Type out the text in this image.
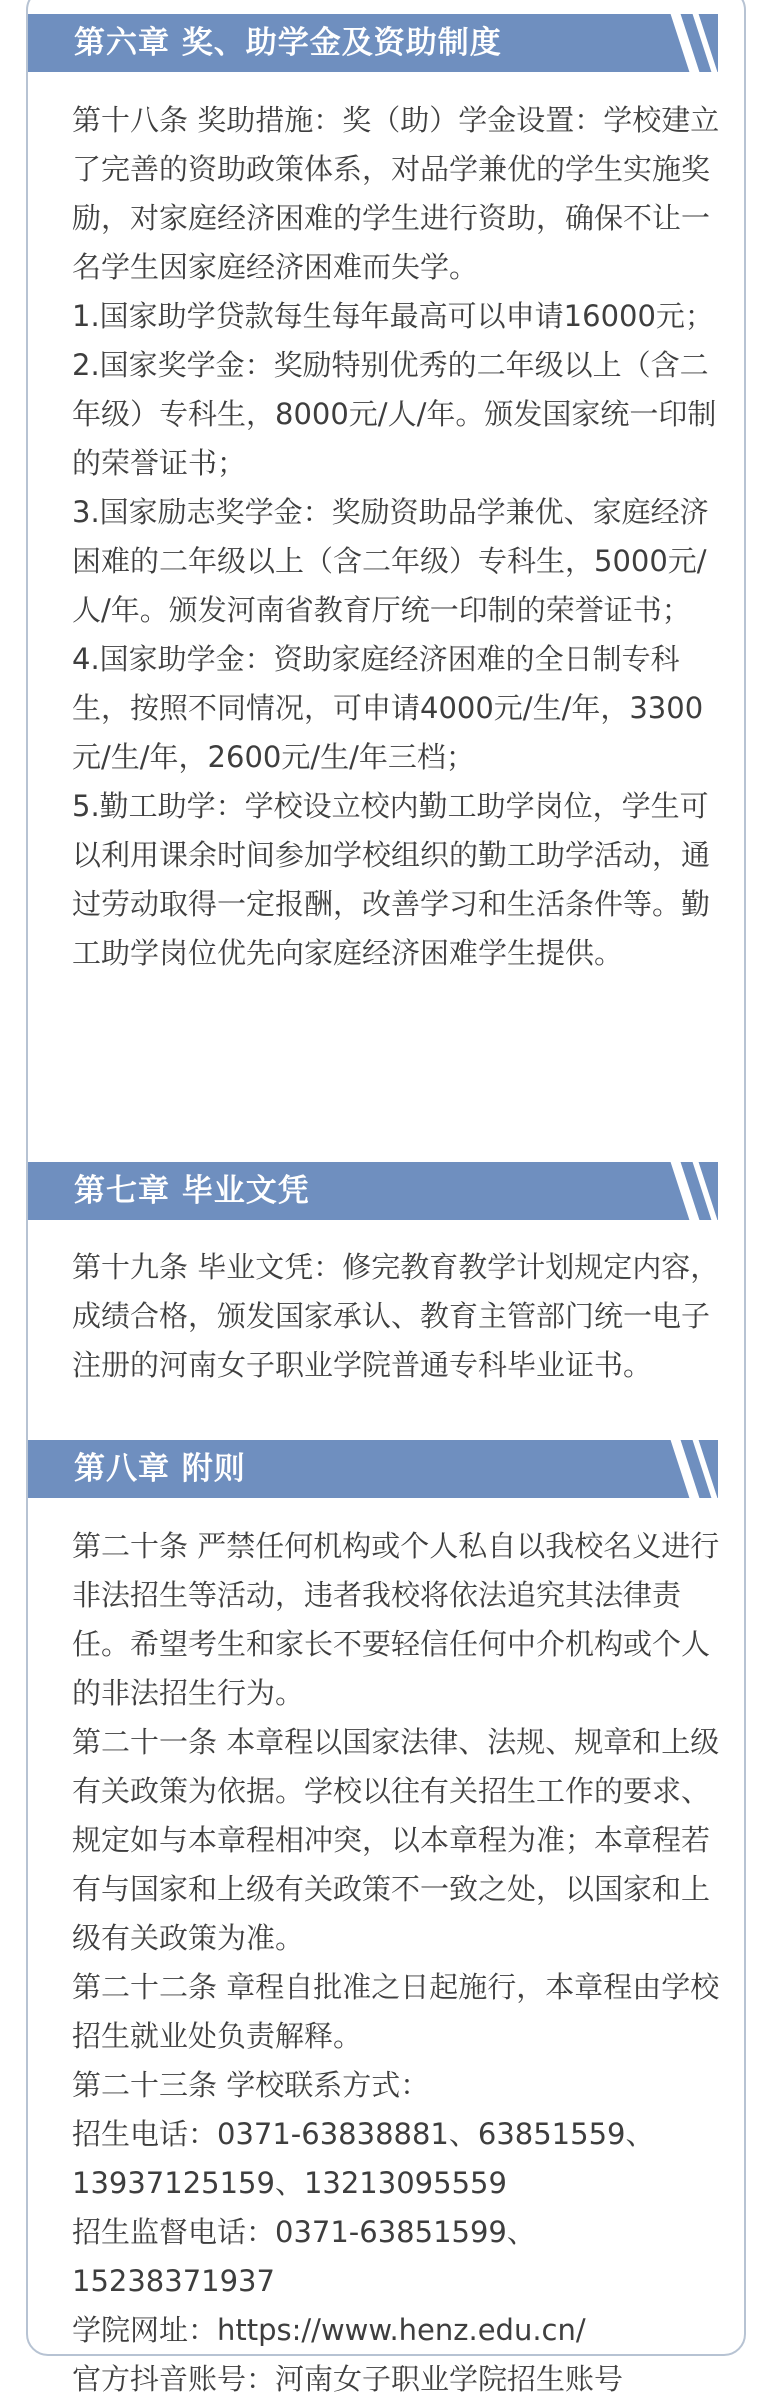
第六章 奖、助学金及资助制度

第十八条 奖助措施：奖（助）学金设置：学校建立了完善的资助政策体系，对品学兼优的学生实施奖励，对家庭经济困难的学生进行资助，确保不让一名学生因家庭经济困难而失学。

1.国家助学贷款每生每年最高可以申请16000元；

2.国家奖学金：奖励特别优秀的二年级以上（含二年级）专科生，8000元/人/年。颁发国家统一印制的荣誉证书；

3.国家励志奖学金：奖励资助品学兼优、家庭经济困难的二年级以上（含二年级）专科生，5000元/人/年。颁发河南省教育厅统一印制的荣誉证书；

4.国家助学金：资助家庭经济困难的全日制专科生，按照不同情况，可申请4000元/生/年，3300元/生/年，2600元/生/年三档；

5.勤工助学：学校设立校内勤工助学岗位，学生可以利用课余时间参加学校组织的勤工助学活动，通过劳动取得一定报酬，改善学习和生活条件等。勤工助学岗位优先向家庭经济困难学生提供。

第七章 毕业文凭

第十九条 毕业文凭：修完教育教学计划规定内容，成绩合格，颁发国家承认、教育主管部门统一电子注册的河南女子职业学院普通专科毕业证书。

第八章 附则

第二十条 严禁任何机构或个人私自以我校名义进行非法招生等活动，违者我校将依法追究其法律责任。希望考生和家长不要轻信任何中介机构或个人的非法招生行为。

第二十一条 本章程以国家法律、法规、规章和上级有关政策为依据。学校以往有关招生工作的要求、规定如与本章程相冲突，以本章程为准；本章程若有与国家和上级有关政策不一致之处，以国家和上级有关政策为准。

第二十二条 章程自批准之日起施行，本章程由学校招生就业处负责解释。

第二十三条 学校联系方式：

招生电话：0371-63838881、63851559、13937125159、13213095559

招生监督电话：0371-63851599、15238371937

学院网址：https://www.henz.edu.cn/

官方抖音账号：河南女子职业学院招生账号
